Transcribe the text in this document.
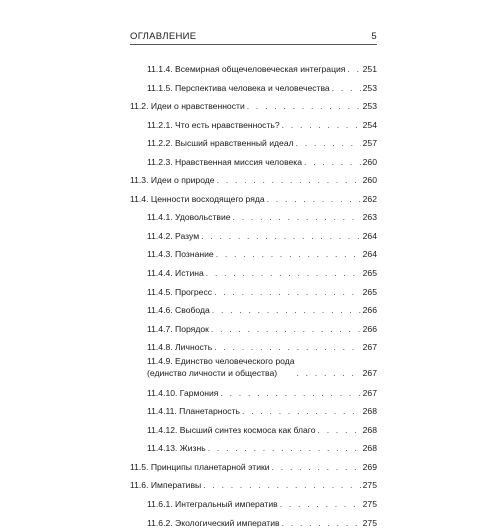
ОГЛАВЛЕНИЕ	5
11.1.4. Всемирная общечеловеческая интеграция . . . 251
11.1.5. Перспектива человека и человечества . . .	253
11.2. Идеи о нравственности . . .	253
11.2.1. Что есть нравственность? . . .	254
11.2.2. Высший нравственный идеал . . .	257
11.2.3. Нравственная миссия человека . . .	260
11.3. Идеи о природе . . .	260
11.4. Ценности восходящего ряда . . .	262
11.4.1. Удовольствие . . .	263
11.4.2. Разум . . .	264
11.4.3. Познание . . .	264
11.4.4. Истина . . .	265
11.4.5. Прогресс . . .	265
11.4.6. Свобода . . .	266
11.4.7. Порядок . . .	266
11.4.8. Личность . . .	267
11.4.9. Единство человеческого рода
(единство личности и общества) . . .	267
11.4.10. Гармония . . .	267
11.4.11. Планетарность . . .	268
11.4.12. Высший синтез космоса как благо . . .	268
11.4.13. Жизнь . . .	268
11.5. Принципы планетарной этики . . .	269
11.6. Императивы . . .	275
11.6.1. Интегральный императив . . .	275
11.6.2. Экологический императив . . .	275
